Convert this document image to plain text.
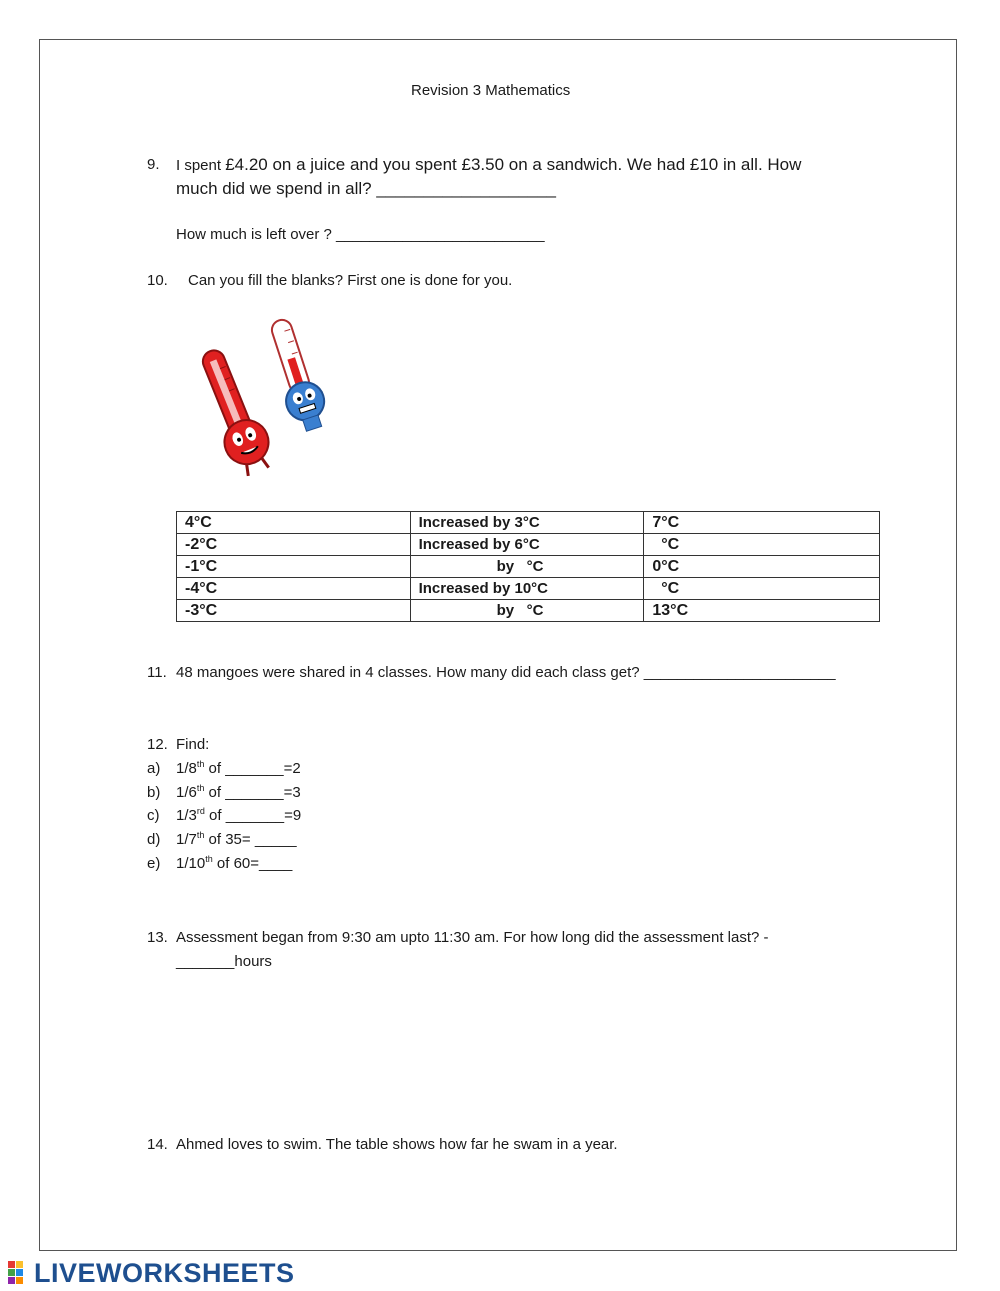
Revision 3 Mathematics
9. I spent £4.20 on a juice and you spent £3.50 on a sandwich. We had £10 in all. How
much did we spend in all? ___________________
How much is left over ? _________________________
10. Can you fill the blanks? First one is done for you.
4°C	Increased by 3°C	7°C
-2°C	Increased by 6°C	°C
-1°C	by   °C	0°C
-4°C	Increased by 10°C	°C
-3°C	by   °C	13°C
11. 48 mangoes were shared in 4 classes. How many did each class get? _______________________
12. Find:
a) 1/8th of _______=2
b) 1/6th of _______=3
c) 1/3rd of _______=9
d) 1/7th of 35= _____
e) 1/10th of 60=____
13. Assessment began from 9:30 am upto 11:30 am. For how long did the assessment last? -
_______hours
14. Ahmed loves to swim. The table shows how far he swam in a year.
LIVEWORKSHEETS
